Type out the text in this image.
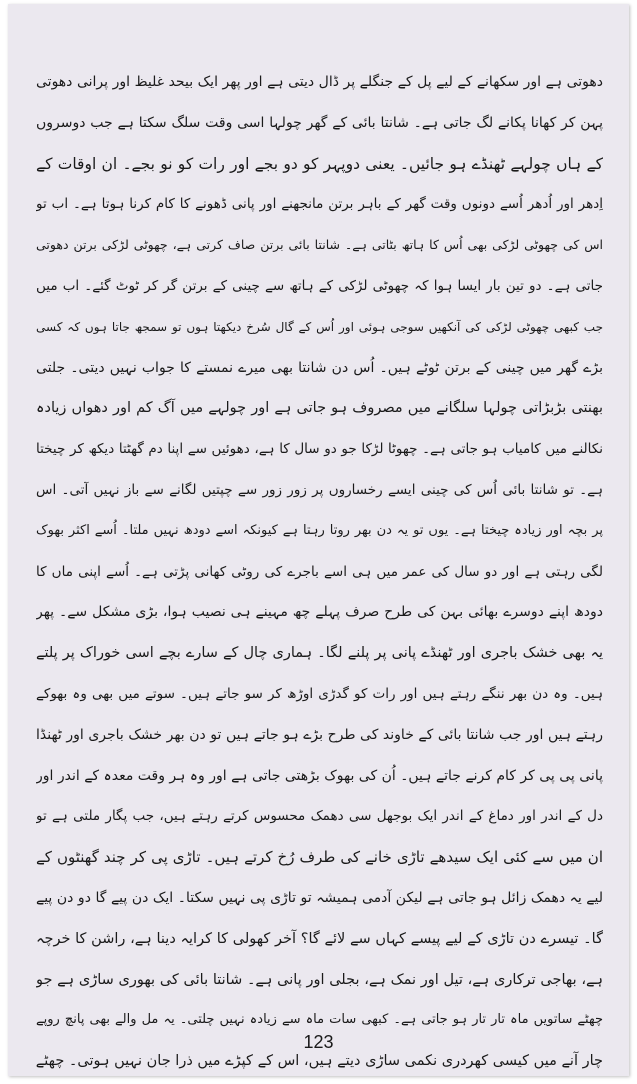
دھوتی ہے اور سکھانے کے لیے پل کے جنگلے پر ڈال دیتی ہے اور پھر ایک بیحد غلیظ اور پرانی دھوتی
پہن کر کھانا پکانے لگ جاتی ہے۔ شانتا بائی کے گھر چولہا اسی وقت سلگ سکتا ہے جب دوسروں
کے ہاں چولہے ٹھنڈے ہو جائیں۔ یعنی دوپہر کو دو بجے اور رات کو نو بجے۔ ان اوقات کے
اِدھر اور اُدھر اُسے دونوں وقت گھر کے باہر برتن مانجھنے اور پانی ڈھونے کا کام کرنا ہوتا ہے۔ اب تو
اس کی چھوٹی لڑکی بھی اُس کا ہاتھ بٹاتی ہے۔ شانتا بائی برتن صاف کرتی ہے، چھوٹی لڑکی برتن دھوتی
جاتی ہے۔ دو تین بار ایسا ہوا کہ چھوٹی لڑکی کے ہاتھ سے چینی کے برتن گر کر ٹوٹ گئے۔ اب میں
جب کبھی چھوٹی لڑکی کی آنکھیں سوجی ہوئی اور اُس کے گال سُرخ دیکھتا ہوں تو سمجھ جاتا ہوں کہ کسی
بڑے گھر میں چینی کے برتن ٹوٹے ہیں۔ اُس دن شانتا بھی میرے نمستے کا جواب نہیں دیتی۔ جلتی
بھنتی بڑبڑاتی چولہا سلگانے میں مصروف ہو جاتی ہے اور چولہے میں آگ کم اور دھواں زیادہ
نکالنے میں کامیاب ہو جاتی ہے۔ چھوٹا لڑکا جو دو سال کا ہے، دھوئیں سے اپنا دم گھٹتا دیکھ کر چیختا
ہے۔ تو شانتا بائی اُس کی چینی ایسے رخساروں پر زور زور سے چپتیں لگانے سے باز نہیں آتی۔ اس
پر بچہ اور زیادہ چیختا ہے۔ یوں تو یہ دن بھر روتا رہتا ہے کیونکہ اسے دودھ نہیں ملتا۔ اُسے اکثر بھوک
لگی رہتی ہے اور دو سال کی عمر میں ہی اسے باجرے کی روٹی کھانی پڑتی ہے۔ اُسے اپنی ماں کا
دودھ اپنے دوسرے بھائی بہن کی طرح صرف پہلے چھ مہینے ہی نصیب ہوا، بڑی مشکل سے۔ پھر
یہ بھی خشک باجری اور ٹھنڈے پانی پر پلنے لگا۔ ہماری چال کے سارے بچے اسی خوراک پر پلتے
ہیں۔ وہ دن بھر ننگے رہتے ہیں اور رات کو گدڑی اوڑھ کر سو جاتے ہیں۔ سوتے میں بھی وہ بھوکے
رہتے ہیں اور جب شانتا بائی کے خاوند کی طرح بڑے ہو جاتے ہیں تو دن بھر خشک باجری اور ٹھنڈا
پانی پی پی کر کام کرنے جاتے ہیں۔ اُن کی بھوک بڑھتی جاتی ہے اور وہ ہر وقت معدہ کے اندر اور
دل کے اندر اور دماغ کے اندر ایک بوجھل سی دھمک محسوس کرتے رہتے ہیں، جب پگار ملتی ہے تو
ان میں سے کئی ایک سیدھے تاڑی خانے کی طرف رُخ کرتے ہیں۔ تاڑی پی کر چند گھنٹوں کے
لیے یہ دھمک زائل ہو جاتی ہے لیکن آدمی ہمیشہ تو تاڑی پی نہیں سکتا۔ ایک دن پیے گا دو دن پیے
گا۔ تیسرے دن تاڑی کے لیے پیسے کہاں سے لائے گا؟ آخر کھولی کا کرایہ دینا ہے، راشن کا خرچہ
ہے، بھاجی ترکاری ہے، تیل اور نمک ہے، بجلی اور پانی ہے۔ شانتا بائی کی بھوری ساڑی ہے جو
چھٹے ساتویں ماہ تار تار ہو جاتی ہے۔ کبھی سات ماہ سے زیادہ نہیں چلتی۔ یہ مل والے بھی پانچ روپے
چار آنے میں کیسی کھردری نکمی ساڑی دیتے ہیں، اس کے کپڑے میں ذرا جان نہیں ہوتی۔ چھٹے
123
